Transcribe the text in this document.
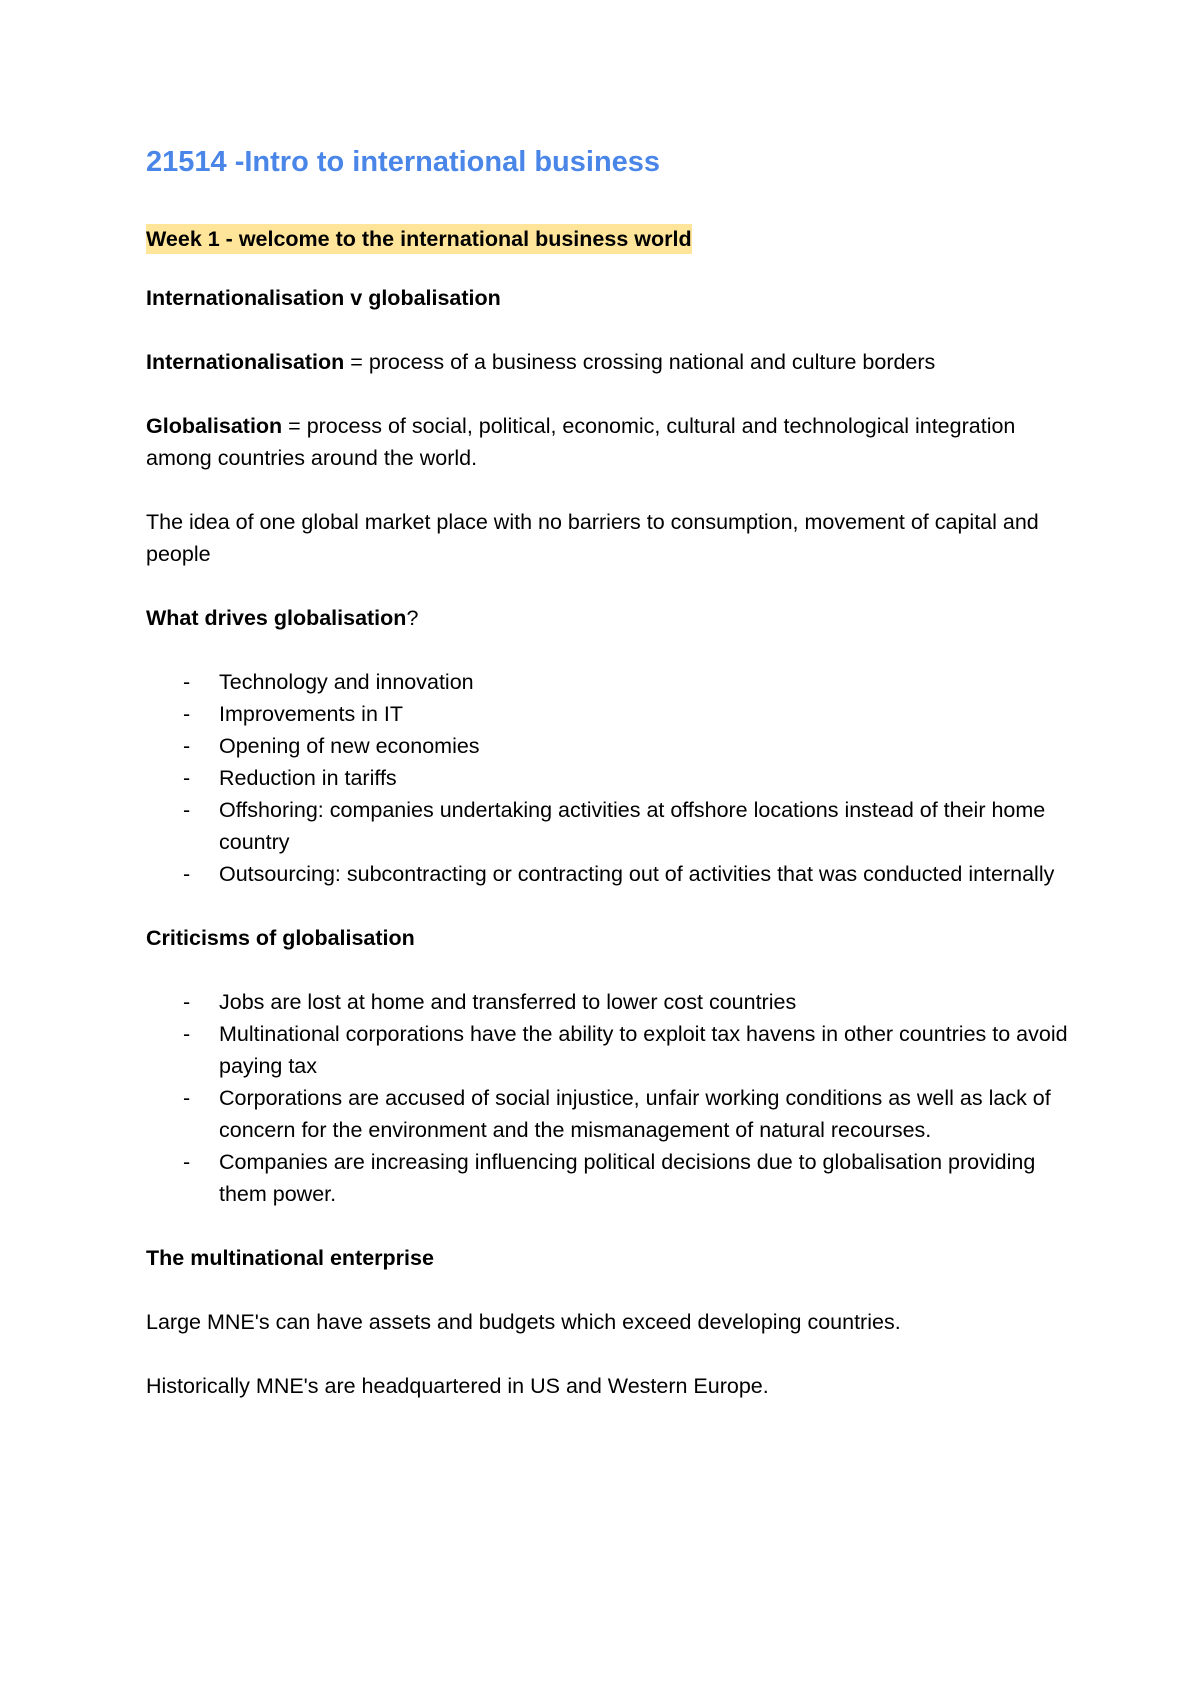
21514 -Intro to international business
Week 1 - welcome to the international business world
Internationalisation v globalisation

Internationalisation = process of a business crossing national and culture borders

Globalisation = process of social, political, economic, cultural and technological integration among countries around the world.

The idea of one global market place with no barriers to consumption, movement of capital and people

What drives globalisation?
- Technology and innovation
- Improvements in IT
- Opening of new economies
- Reduction in tariffs
- Offshoring: companies undertaking activities at offshore locations instead of their home country
- Outsourcing: subcontracting or contracting out of activities that was conducted internally
Criticisms of globalisation
- Jobs are lost at home and transferred to lower cost countries
- Multinational corporations have the ability to exploit tax havens in other countries to avoid paying tax
- Corporations are accused of social injustice, unfair working conditions as well as lack of concern for the environment and the mismanagement of natural recourses.
- Companies are increasing influencing political decisions due to globalisation providing them power.
The multinational enterprise

Large MNE's can have assets and budgets which exceed developing countries.

Historically MNE's are headquartered in US and Western Europe.
